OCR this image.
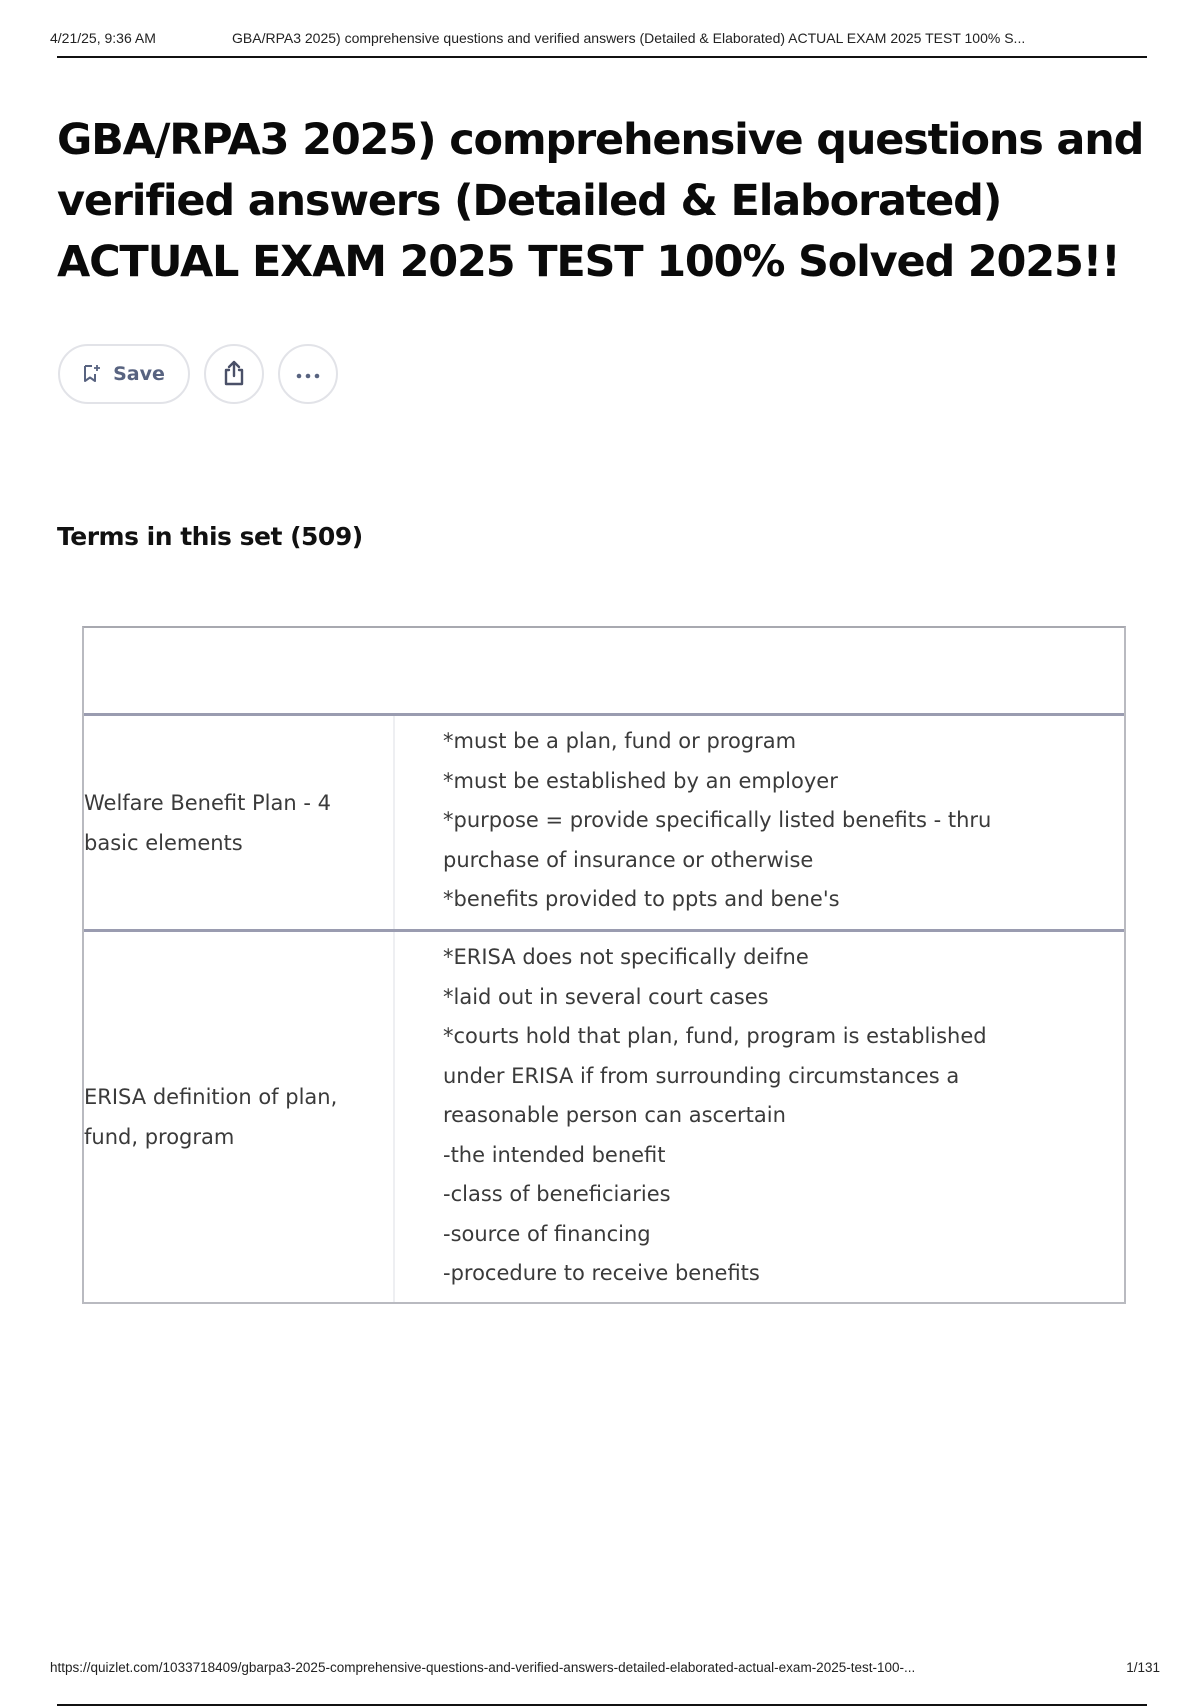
4/21/25, 9:36 AM	GBA/RPA3 2025) comprehensive questions and verified answers (Detailed & Elaborated) ACTUAL EXAM 2025 TEST 100% S...
GBA/RPA3 2025) comprehensive questions and verified answers (Detailed & Elaborated) ACTUAL EXAM 2025 TEST 100% Solved 2025!!
Save
Terms in this set (509)
Welfare Benefit Plan - 4 basic elements
*must be a plan, fund or program
*must be established by an employer
*purpose = provide specifically listed benefits - thru
purchase of insurance or otherwise
*benefits provided to ppts and bene's
ERISA definition of plan, fund, program
*ERISA does not specifically deifne
*laid out in several court cases
*courts hold that plan, fund, program is established
under ERISA if from surrounding circumstances a
reasonable person can ascertain
-the intended benefit
-class of beneficiaries
-source of financing
-procedure to receive benefits
https://quizlet.com/1033718409/gbarpa3-2025-comprehensive-questions-and-verified-answers-detailed-elaborated-actual-exam-2025-test-100-...	1/131
